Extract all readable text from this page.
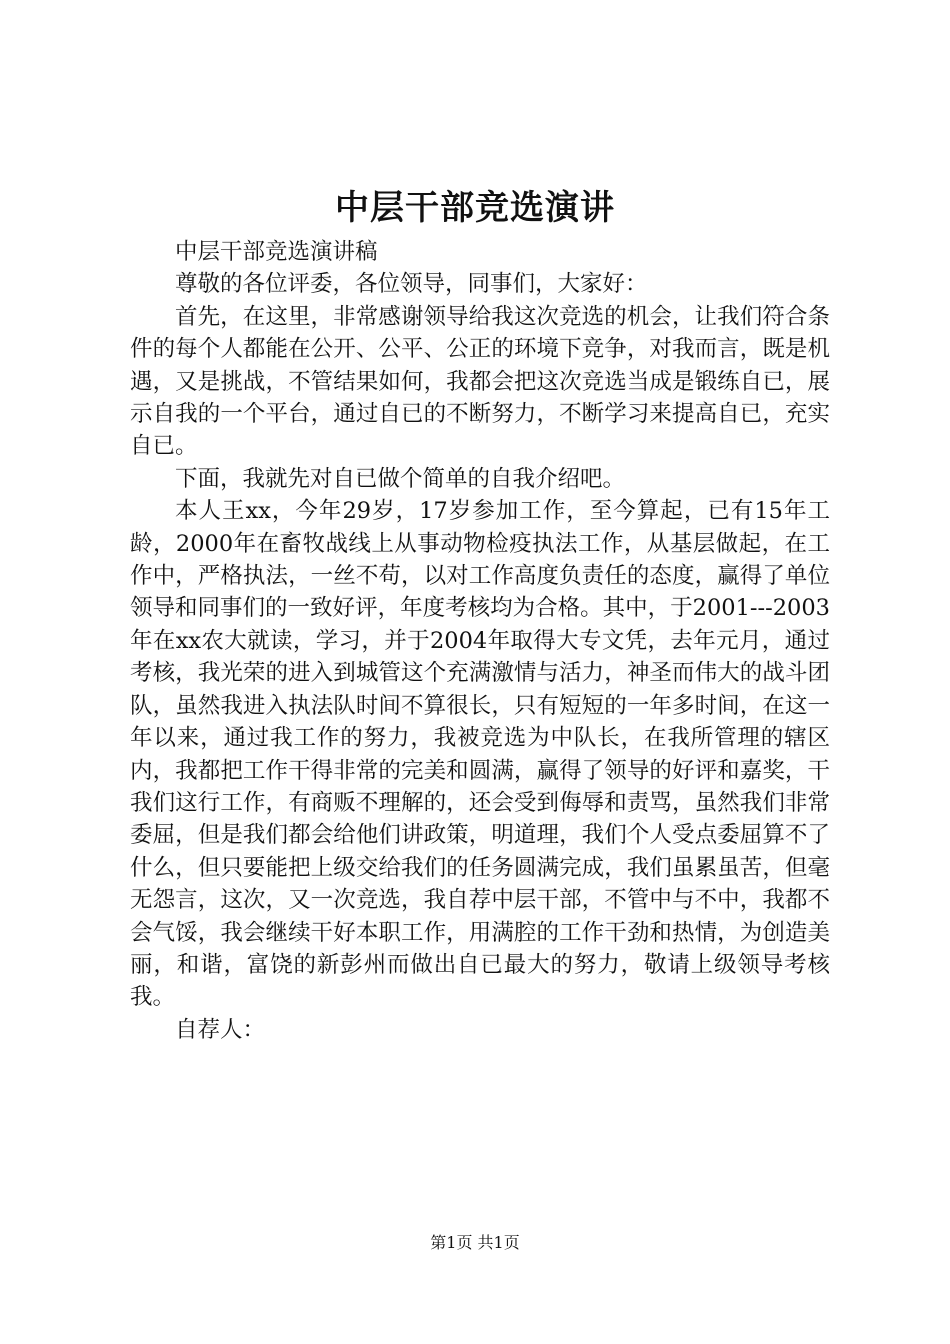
中层干部竞选演讲

中层干部竞选演讲稿

尊敬的各位评委，各位领导，同事们，大家好：

首先，在这里，非常感谢领导给我这次竞选的机会，让我们符合条件的每个人都能在公开、公平、公正的环境下竞争，对我而言，既是机遇，又是挑战，不管结果如何，我都会把这次竞选当成是锻练自已，展示自我的一个平台，通过自已的不断努力，不断学习来提高自已，充实自已。

下面，我就先对自已做个简单的自我介绍吧。

本人王xx，今年29岁，17岁参加工作，至今算起，已有15年工龄，2000年在畜牧战线上从事动物检疫执法工作，从基层做起，在工作中，严格执法，一丝不苟，以对工作高度负责任的态度，赢得了单位领导和同事们的一致好评，年度考核均为合格。其中，于2001---2003年在xx农大就读，学习，并于2004年取得大专文凭，去年元月，通过考核，我光荣的进入到城管这个充满激情与活力，神圣而伟大的战斗团队，虽然我进入执法队时间不算很长，只有短短的一年多时间，在这一年以来，通过我工作的努力，我被竞选为中队长，在我所管理的辖区内，我都把工作干得非常的完美和圆满，赢得了领导的好评和嘉奖，干我们这行工作，有商贩不理解的，还会受到侮辱和责骂，虽然我们非常委屈，但是我们都会给他们讲政策，明道理，我们个人受点委屈算不了什么，但只要能把上级交给我们的任务圆满完成，我们虽累虽苦，但毫无怨言，这次，又一次竞选，我自荐中层干部，不管中与不中，我都不会气馁，我会继续干好本职工作，用满腔的工作干劲和热情，为创造美丽，和谐，富饶的新彭州而做出自已最大的努力，敬请上级领导考核我。

自荐人：

第1页 共1页
